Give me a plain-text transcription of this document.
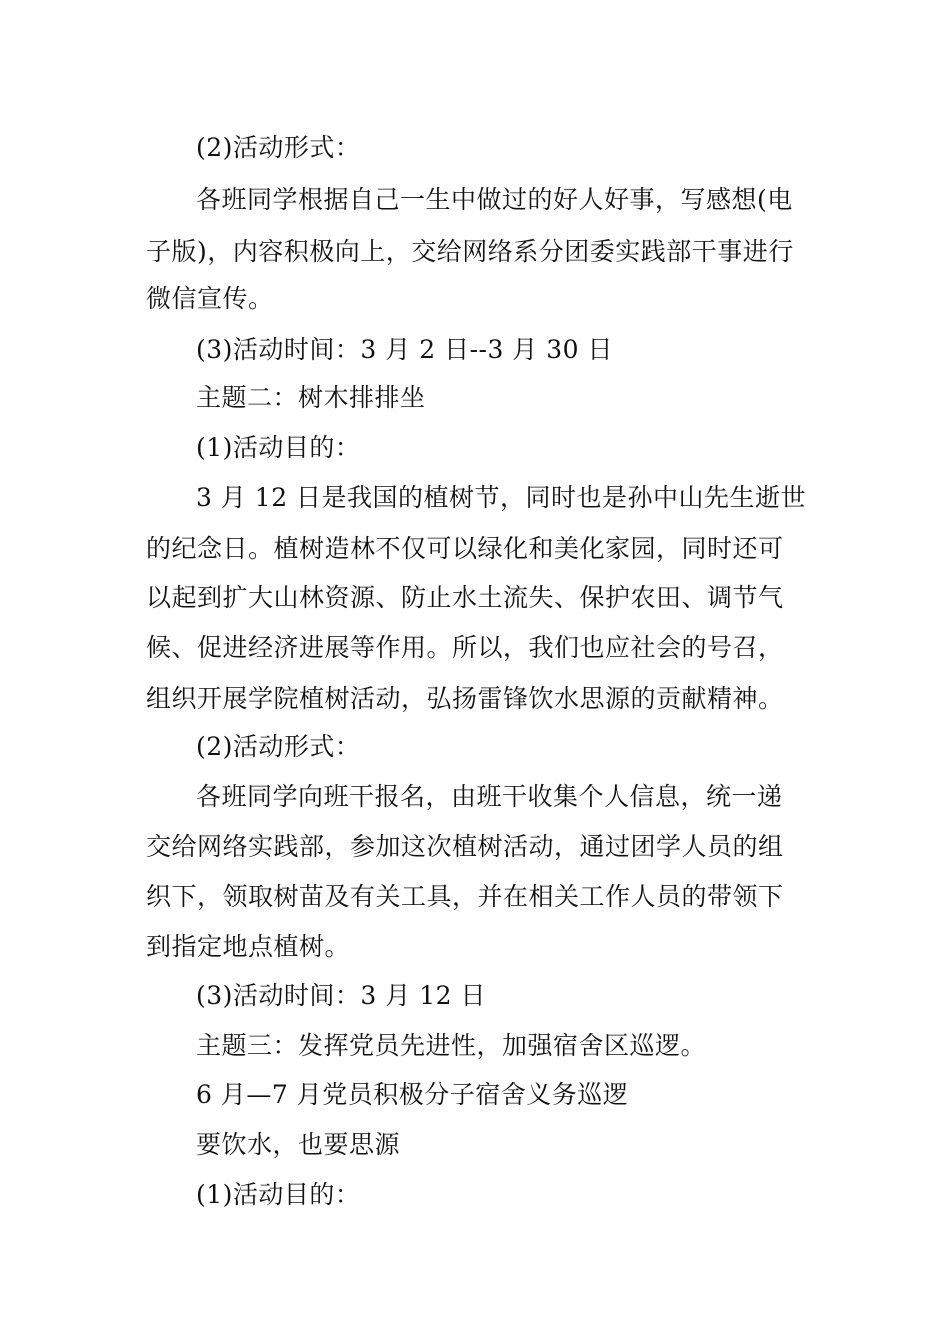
(2)活动形式：
各班同学根据自己一生中做过的好人好事，写感想(电
子版)，内容积极向上，交给网络系分团委实践部干事进行
微信宣传。
(3)活动时间：3 月 2 日--3 月 30 日
主题二：树木排排坐
(1)活动目的：
3 月 12 日是我国的植树节，同时也是孙中山先生逝世
的纪念日。植树造林不仅可以绿化和美化家园，同时还可
以起到扩大山林资源、防止水土流失、保护农田、调节气
候、促进经济进展等作用。所以，我们也应社会的号召，
组织开展学院植树活动，弘扬雷锋饮水思源的贡献精神。
(2)活动形式：
各班同学向班干报名，由班干收集个人信息，统一递
交给网络实践部，参加这次植树活动，通过团学人员的组
织下，领取树苗及有关工具，并在相关工作人员的带领下
到指定地点植树。
(3)活动时间：3 月 12 日
主题三：发挥党员先进性，加强宿舍区巡逻。
6 月—7 月党员积极分子宿舍义务巡逻
要饮水，也要思源
(1)活动目的：
